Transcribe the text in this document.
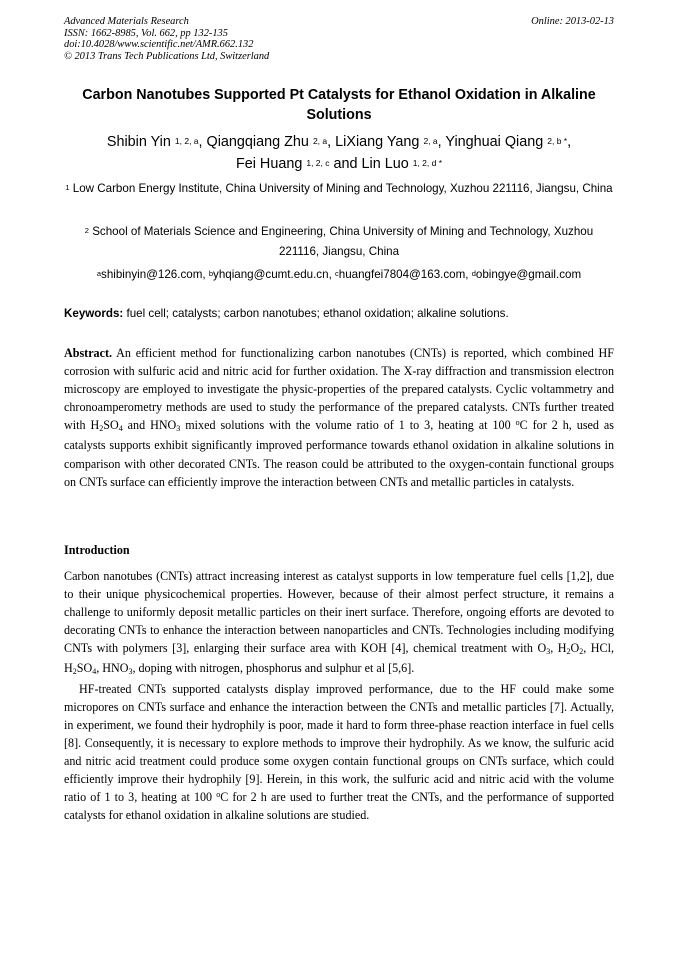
Advanced Materials Research
ISSN: 1662-8985, Vol. 662, pp 132-135
doi:10.4028/www.scientific.net/AMR.662.132
© 2013 Trans Tech Publications Ltd, Switzerland
Online: 2013-02-13
Carbon Nanotubes Supported Pt Catalysts for Ethanol Oxidation in Alkaline Solutions
Shibin Yin $^{1, 2, a}$, Qiangqiang Zhu $^{2, a}$, LiXiang Yang $^{2, a}$, Yinghuai Qiang $^{2, b *}$,
Fei Huang $^{1, 2, c}$ and Lin Luo $^{1, 2, d *}$
$^1$ Low Carbon Energy Institute, China University of Mining and Technology, Xuzhou 221116, Jiangsu, China
$^2$ School of Materials Science and Engineering, China University of Mining and Technology, Xuzhou 221116, Jiangsu, China
$^a$shibinyin@126.com, $^b$yhqiang@cumt.edu.cn, $^c$huangfei7804@163.com, $^d$obingye@gmail.com
Keywords: fuel cell; catalysts; carbon nanotubes; ethanol oxidation; alkaline solutions.

Abstract. An efficient method for functionalizing carbon nanotubes (CNTs) is reported, which combined HF corrosion with sulfuric acid and nitric acid for further oxidation. The X-ray diffraction and transmission electron microscopy are employed to investigate the physic-properties of the prepared catalysts. Cyclic voltammetry and chronoamperometry methods are used to study the performance of the prepared catalysts. CNTs further treated with H2SO4 and HNO3 mixed solutions with the volume ratio of 1 to 3, heating at 100 $^o$C for 2 h, used as catalysts supports exhibit significantly improved performance towards ethanol oxidation in alkaline solutions in comparison with other decorated CNTs. The reason could be attributed to the oxygen-contain functional groups on CNTs surface can efficiently improve the interaction between CNTs and metallic particles in catalysts.

Introduction

Carbon nanotubes (CNTs) attract increasing interest as catalyst supports in low temperature fuel cells [1,2], due to their unique physicochemical properties. However, because of their almost perfect structure, it remains a challenge to uniformly deposit metallic particles on their inert surface. Therefore, ongoing efforts are devoted to decorating CNTs to enhance the interaction between nanoparticles and CNTs. Technologies including modifying CNTs with polymers [3], enlarging their surface area with KOH [4], chemical treatment with O3, H2O2, HCl, H2SO4, HNO3, doping with nitrogen, phosphorus and sulphur et al [5,6].

HF-treated CNTs supported catalysts display improved performance, due to the HF could make some micropores on CNTs surface and enhance the interaction between the CNTs and metallic particles [7]. Actually, in experiment, we found their hydrophily is poor, made it hard to form three-phase reaction interface in fuel cells [8]. Consequently, it is necessary to explore methods to improve their hydrophily. As we know, the sulfuric acid and nitric acid treatment could produce some oxygen contain functional groups on CNTs surface, which could efficiently improve their hydrophily [9]. Herein, in this work, the sulfuric acid and nitric acid with the volume ratio of 1 to 3, heating at 100 $^o$C for 2 h are used to further treat the CNTs, and the performance of supported catalysts for ethanol oxidation in alkaline solutions are studied.
